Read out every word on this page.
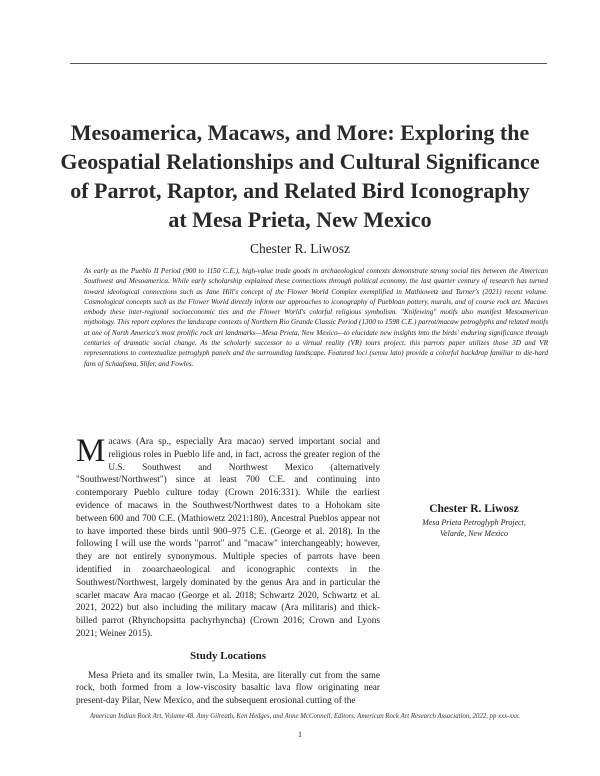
Mesoamerica, Macaws, and More: Exploring the Geospatial Relationships and Cultural Significance of Parrot, Raptor, and Related Bird Iconography at Mesa Prieta, New Mexico
Chester R. Liwosz

As early as the Pueblo II Period (900 to 1150 C.E.), high-value trade goods in archaeological contexts demonstrate strong social ties between the American Southwest and Mesoamerica. While early scholarship explained these connections through political economy, the last quarter century of research has turned toward ideological connections such as Jane Hill's concept of the Flower World Complex exemplified in Mathiowetz and Turner's (2021) recent volume. Cosmological concepts such as the Flower World directly inform our approaches to iconography of Puebloan pottery, murals, and of course rock art. Macaws embody these inter-regional socioeconomic ties and the Flower World's colorful religious symbolism. "Knifewing" motifs also manifest Mesoamerican mythology. This report explores the landscape contexts of Northern Rio Grande Classic Period (1300 to 1598 C.E.) parrot/macaw petroglyphs and related motifs at one of North America's most prolific rock art landmarks—Mesa Prieta, New Mexico—to elucidate new insights into the birds' enduring significance through centuries of dramatic social change. As the scholarly successor to a virtual reality (VR) tours project, this parrots paper utilizes those 3D and VR representations to contextualize petroglyph panels and the surrounding landscape. Featured loci (sensu lato) provide a colorful backdrop familiar to die-hard fans of Schaafsma, Slifer, and Fowles.

Macaws (Ara sp., especially Ara macao) served important social and religious roles in Pueblo life and, in fact, across the greater region of the U.S. Southwest and Northwest Mexico (alternatively "Southwest/Northwest") since at least 700 C.E. and continuing into contemporary Pueblo culture today (Crown 2016:331). While the earliest evidence of macaws in the Southwest/Northwest dates to a Hohokam site between 600 and 700 C.E. (Mathiowetz 2021:180), Ancestral Pueblos appear not to have imported these birds until 900–975 C.E. (George et al. 2018). In the following I will use the words "parrot" and "macaw" interchangeably; however, they are not entirely synonymous. Multiple species of parrots have been identified in zooarchaeological and iconographic contexts in the Southwest/Northwest, largely dominated by the genus Ara and in particular the scarlet macaw Ara macao (George et al. 2018; Schwartz 2020, Schwartz et al. 2021, 2022) but also including the military macaw (Ara militaris) and thick-billed parrot (Rhynchopsitta pachyrhyncha) (Crown 2016; Crown and Lyons 2021; Weiner 2015).

Study Locations

Mesa Prieta and its smaller twin, La Mesita, are literally cut from the same rock, both formed from a low-viscosity basaltic lava flow originating near present-day Pilar, New Mexico, and the subsequent erosional cutting of the

Chester R. Liwosz

Mesa Prieta Petroglyph Project,

Velarde, New Mexico

American Indian Rock Art, Volume 48. Amy Gilreath, Ken Hedges, and Anne McConnell, Editors. American Rock Art Research Association, 2022, pp xxx-xxx.
1
